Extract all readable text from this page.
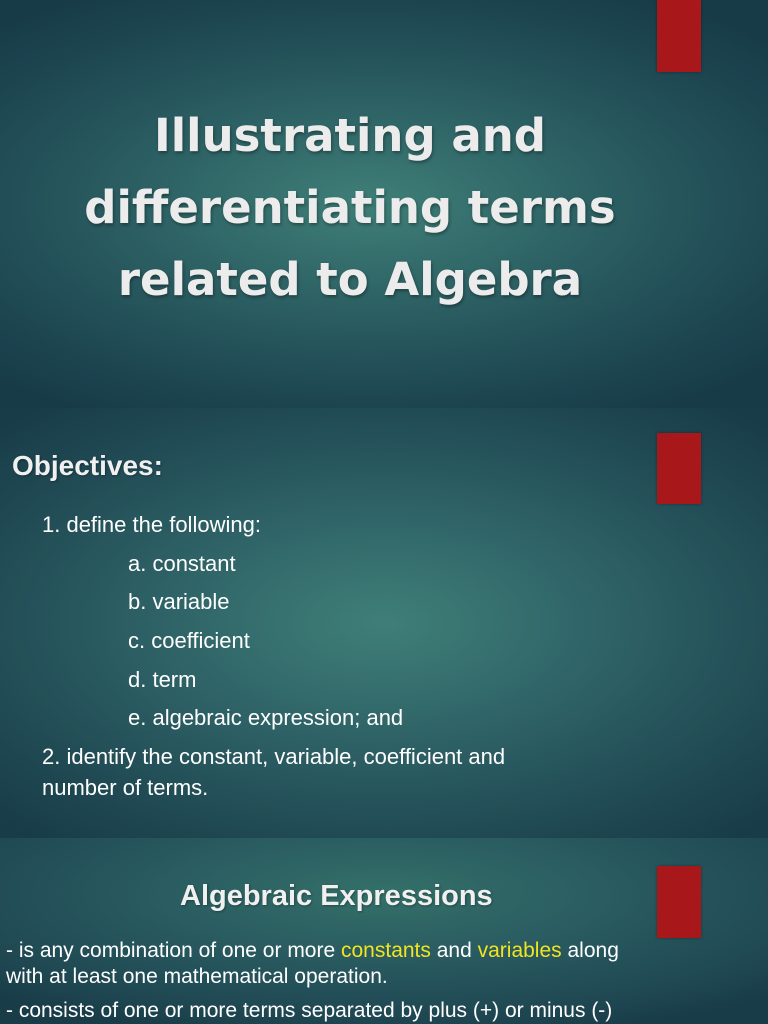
Illustrating and differentiating terms related to Algebra
Objectives:
1. define the following:
a. constant
b. variable
c. coefficient
d. term
e. algebraic expression; and
2. identify the constant, variable, coefficient and
number of terms.
Algebraic Expressions
- is any combination of one or more constants and variables along
with at least one mathematical operation.
- consists of one or more terms separated by plus (+) or minus (-)
